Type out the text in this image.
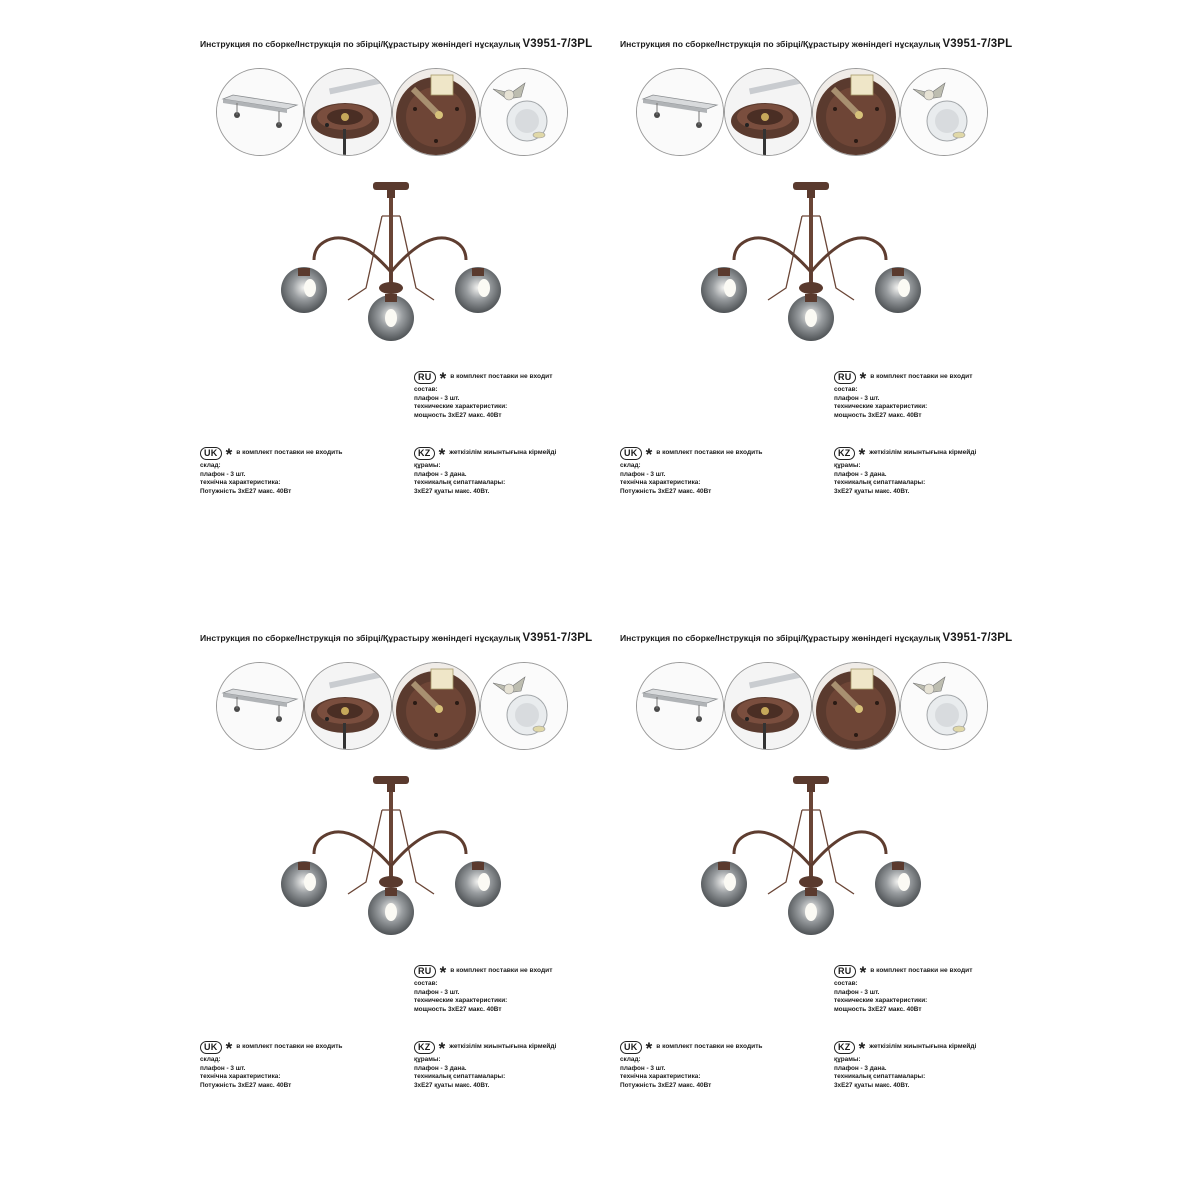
Инструкция по сборке/Інструкція по збірці/Құрастыру жөніндегі нұсқаулық V3951-7/3PL
RU * в комплект поставки не входит
состав:
плафон - 3 шт.
технические характеристики:
мощность 3хЕ27 макс. 40Вт
UK * в комплект поставки не входить
склад:
плафон - 3 шт.
технічна характеристика:
Потужність 3хЕ27 макс. 40Вт
KZ * жеткізілім жиынтығына кірмейді
құрамы:
плафон - 3 дана.
техникалық сипаттамалары:
3хЕ27 қуаты макс. 40Вт.
Инструкция по сборке/Інструкція по збірці/Құрастыру жөніндегі нұсқаулық V3951-7/3PL
RU * в комплект поставки не входит
состав:
плафон - 3 шт.
технические характеристики:
мощность 3хЕ27 макс. 40Вт
UK * в комплект поставки не входить
склад:
плафон - 3 шт.
технічна характеристика:
Потужність 3хЕ27 макс. 40Вт
KZ * жеткізілім жиынтығына кірмейді
құрамы:
плафон - 3 дана.
техникалық сипаттамалары:
3хЕ27 қуаты макс. 40Вт.
Инструкция по сборке/Інструкція по збірці/Құрастыру жөніндегі нұсқаулық V3951-7/3PL
RU * в комплект поставки не входит
состав:
плафон - 3 шт.
технические характеристики:
мощность 3хЕ27 макс. 40Вт
UK * в комплект поставки не входить
склад:
плафон - 3 шт.
технічна характеристика:
Потужність 3хЕ27 макс. 40Вт
KZ * жеткізілім жиынтығына кірмейді
құрамы:
плафон - 3 дана.
техникалық сипаттамалары:
3хЕ27 қуаты макс. 40Вт.
Инструкция по сборке/Інструкція по збірці/Құрастыру жөніндегі нұсқаулық V3951-7/3PL
RU * в комплект поставки не входит
состав:
плафон - 3 шт.
технические характеристики:
мощность 3хЕ27 макс. 40Вт
UK * в комплект поставки не входить
склад:
плафон - 3 шт.
технічна характеристика:
Потужність 3хЕ27 макс. 40Вт
KZ * жеткізілім жиынтығына кірмейді
құрамы:
плафон - 3 дана.
техникалық сипаттамалары:
3хЕ27 қуаты макс. 40Вт.
